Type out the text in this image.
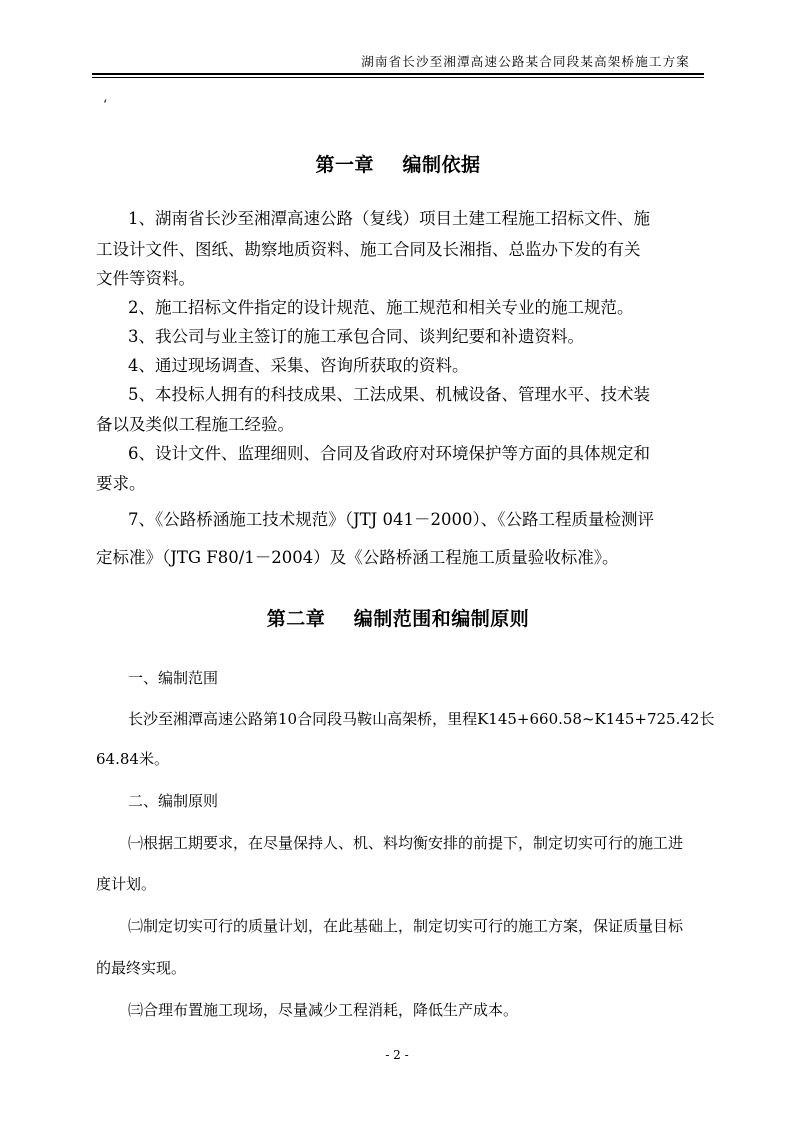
湖南省长沙至湘潭高速公路某合同段某高架桥施工方案
‘
第一章    编制依据
1、湖南省长沙至湘潭高速公路（复线）项目土建工程施工招标文件、施
工设计文件、图纸、勘察地质资料、施工合同及长湘指、总监办下发的有关
文件等资料。
2、施工招标文件指定的设计规范、施工规范和相关专业的施工规范。
3、我公司与业主签订的施工承包合同、谈判纪要和补遗资料。
4、通过现场调查、采集、咨询所获取的资料。
5、本投标人拥有的科技成果、工法成果、机械设备、管理水平、技术装
备以及类似工程施工经验。
6、设计文件、监理细则、合同及省政府对环境保护等方面的具体规定和
要求。
7、《公路桥涵施工技术规范》（JTJ 041－2000）、《公路工程质量检测评
定标准》（JTG F80/1－2004）及《公路桥涵工程施工质量验收标准》。
第二章    编制范围和编制原则
一、编制范围
长沙至湘潭高速公路第10合同段马鞍山高架桥，里程K145+660.58~K145+725.42长
64.84米。
二、编制原则
㈠根据工期要求，在尽量保持人、机、料均衡安排的前提下，制定切实可行的施工进
度计划。
㈡制定切实可行的质量计划，在此基础上，制定切实可行的施工方案，保证质量目标
的最终实现。
㈢合理布置施工现场，尽量减少工程消耗，降低生产成本。
- 2 -
